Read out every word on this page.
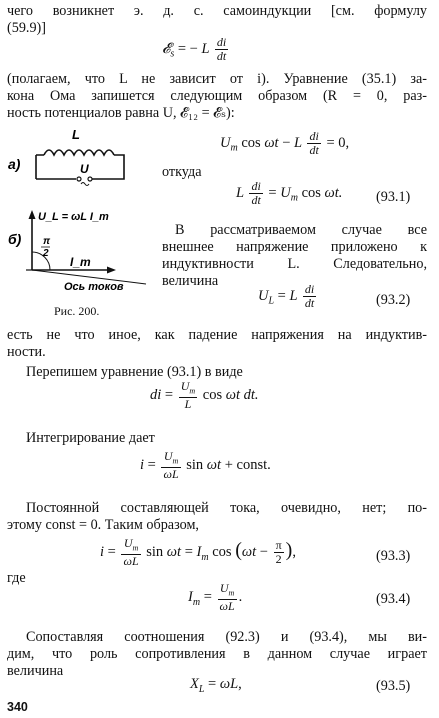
чего возникнет э. д. с. самоиндукции [см. формулу
(59.9)]
𝓔$_s$ = − L $\frac{di}{dt}$
(полагаем, что L не зависит от i). Уравнение (35.1) за-
кона Ома запишется следующим образом (R = 0, раз-
ность потенциалов равна U, 𝓔₁₂ = 𝓔ₛ):
а)
L
U
$U_m$ cos ωt − L $\frac{di}{dt} = 0$,
откуда
L $\frac{di}{dt} = U_m$ cos ωt. (93.1)
б)
U_L = ωL I_m
π
2
I_m
Ось токов
Рис. 200.
В рассматриваемом случае все
внешнее напряжение приложено к
индуктивности L. Следовательно,
величина
$U_L = L \frac{di}{dt}$	(93.2)
есть не что иное, как падение напряжения на индуктив-
ности.
Перепишем уравнение (93.1) в виде
di = $\frac{U_m}{L}$ cos ωt dt.
Интегрирование дает
$i = \frac{U_m}{\omega L}$ sin ωt + const.
Постоянной составляющей тока, очевидно, нет; по-
этому const = 0. Таким образом,
$i = \frac{U_m}{\omega L}$ $\sin \omega t = I_m$ $\cos (\omega t - \frac{\pi}{2}$ ),	(93.3)
где
$I_m = \frac{U_m}{\omega L}$ .	(93.4)
Сопоставляя соотношения (92.3) и (93.4), мы ви-
дим, что роль сопротивления в данном случае играет
величина
$X_L = \omega L$,	(93.5)
340
